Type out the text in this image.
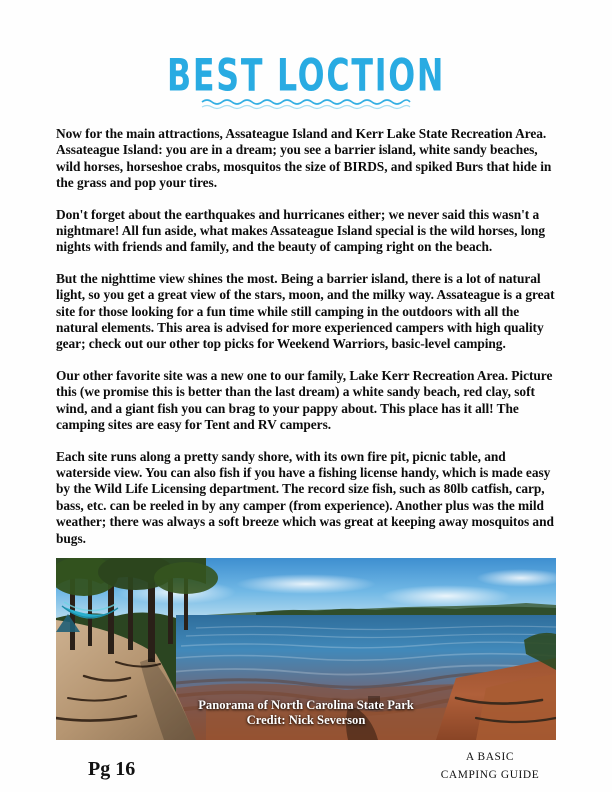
BEST LOCTION

Now for the main attractions, Assateague Island and Kerr Lake State Recreation Area. Assateague Island: you are in a dream; you see a barrier island, white sandy beaches, wild horses, horseshoe crabs, mosquitos the size of BIRDS, and spiked Burs that hide in the grass and pop your tires.

Don't forget about the earthquakes and hurricanes either; we never said this wasn't a nightmare! All fun aside, what makes Assateague Island special is the wild horses, long nights with friends and family, and the beauty of camping right on the beach.

But the nighttime view shines the most. Being a barrier island, there is a lot of natural light, so you get a great view of the stars, moon, and the milky way. Assateague is a great site for those looking for a fun time while still camping in the outdoors with all the natural elements. This area is advised for more experienced campers with high quality gear; check out our other top picks for Weekend Warriors, basic-level camping.

Our other favorite site was a new one to our family, Lake Kerr Recreation Area. Picture this (we promise this is better than the last dream) a white sandy beach, red clay, soft wind, and a giant fish you can brag to your pappy about. This place has it all! The camping sites are easy for Tent and RV campers.

Each site runs along a pretty sandy shore, with its own fire pit, picnic table, and waterside view. You can also fish if you have a fishing license handy, which is made easy by the Wild Life Licensing department. The record size fish, such as 80lb catfish, carp, bass, etc. can be reeled in by any camper (from experience). Another plus was the mild weather; there was always a soft breeze which was great at keeping away mosquitos and bugs.

Panorama of North Carolina State Park

Credit: Nick Severson

Pg 16

A BASIC

CAMPING GUIDE
